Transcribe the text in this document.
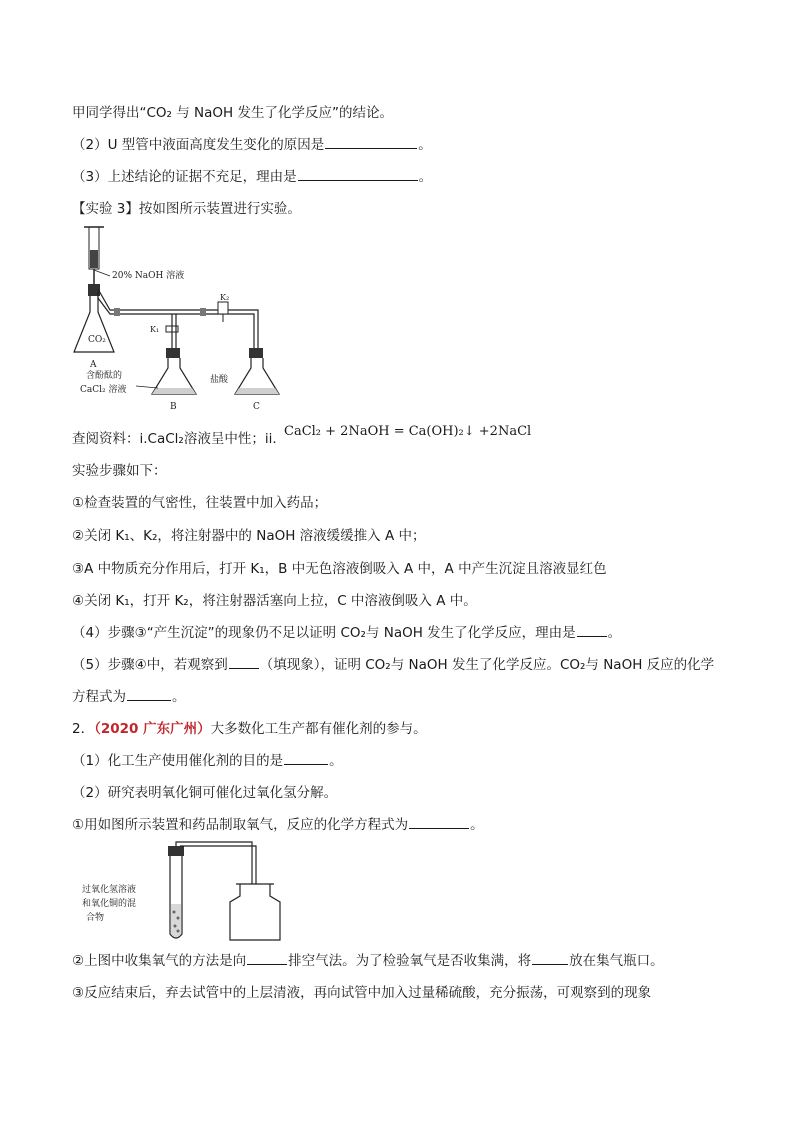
甲同学得出“CO₂ 与 NaOH 发生了化学反应”的结论。
（2）U 型管中液面高度发生变化的原因是	。
（3）上述结论的证据不充足，理由是	。
【实验 3】按如图所示装置进行实验。
20% NaOH 溶液
CO₂
A
K₁
K₂
B
含酚酞的
CaCl₂ 溶液
C
盐酸
查阅资料：i.CaCl₂溶液呈中性；ii. CaCl₂ + 2NaOH = Ca(OH)₂↓ +2NaCl
实验步骤如下：
①检查装置的气密性，往装置中加入药品；
②关闭 K₁、K₂，将注射器中的 NaOH 溶液缓缓推入 A 中；
③A 中物质充分作用后，打开 K₁，B 中无色溶液倒吸入 A 中，A 中产生沉淀且溶液显红色
④关闭 K₁，打开 K₂，将注射器活塞向上拉，C 中溶液倒吸入 A 中。
（4）步骤③“产生沉淀”的现象仍不足以证明 CO₂与 NaOH 发生了化学反应，理由是 。
（5）步骤④中，若观察到 （填现象），证明 CO₂与 NaOH 发生了化学反应。CO₂与 NaOH 反应的化学
方程式为	。
2．（2020 广东广州）大多数化工生产都有催化剂的参与。
（1）化工生产使用催化剂的目的是	。
（2）研究表明氧化铜可催化过氧化氢分解。
①用如图所示装置和药品制取氧气，反应的化学方程式为	。
过氧化氢溶液
和氧化铜的混
合物
②上图中收集氧气的方法是向	排空气法。为了检验氧气是否收集满，将	放在集气瓶口。
③反应结束后，弃去试管中的上层清液，再向试管中加入过量稀硫酸，充分振荡，可观察到的现象
